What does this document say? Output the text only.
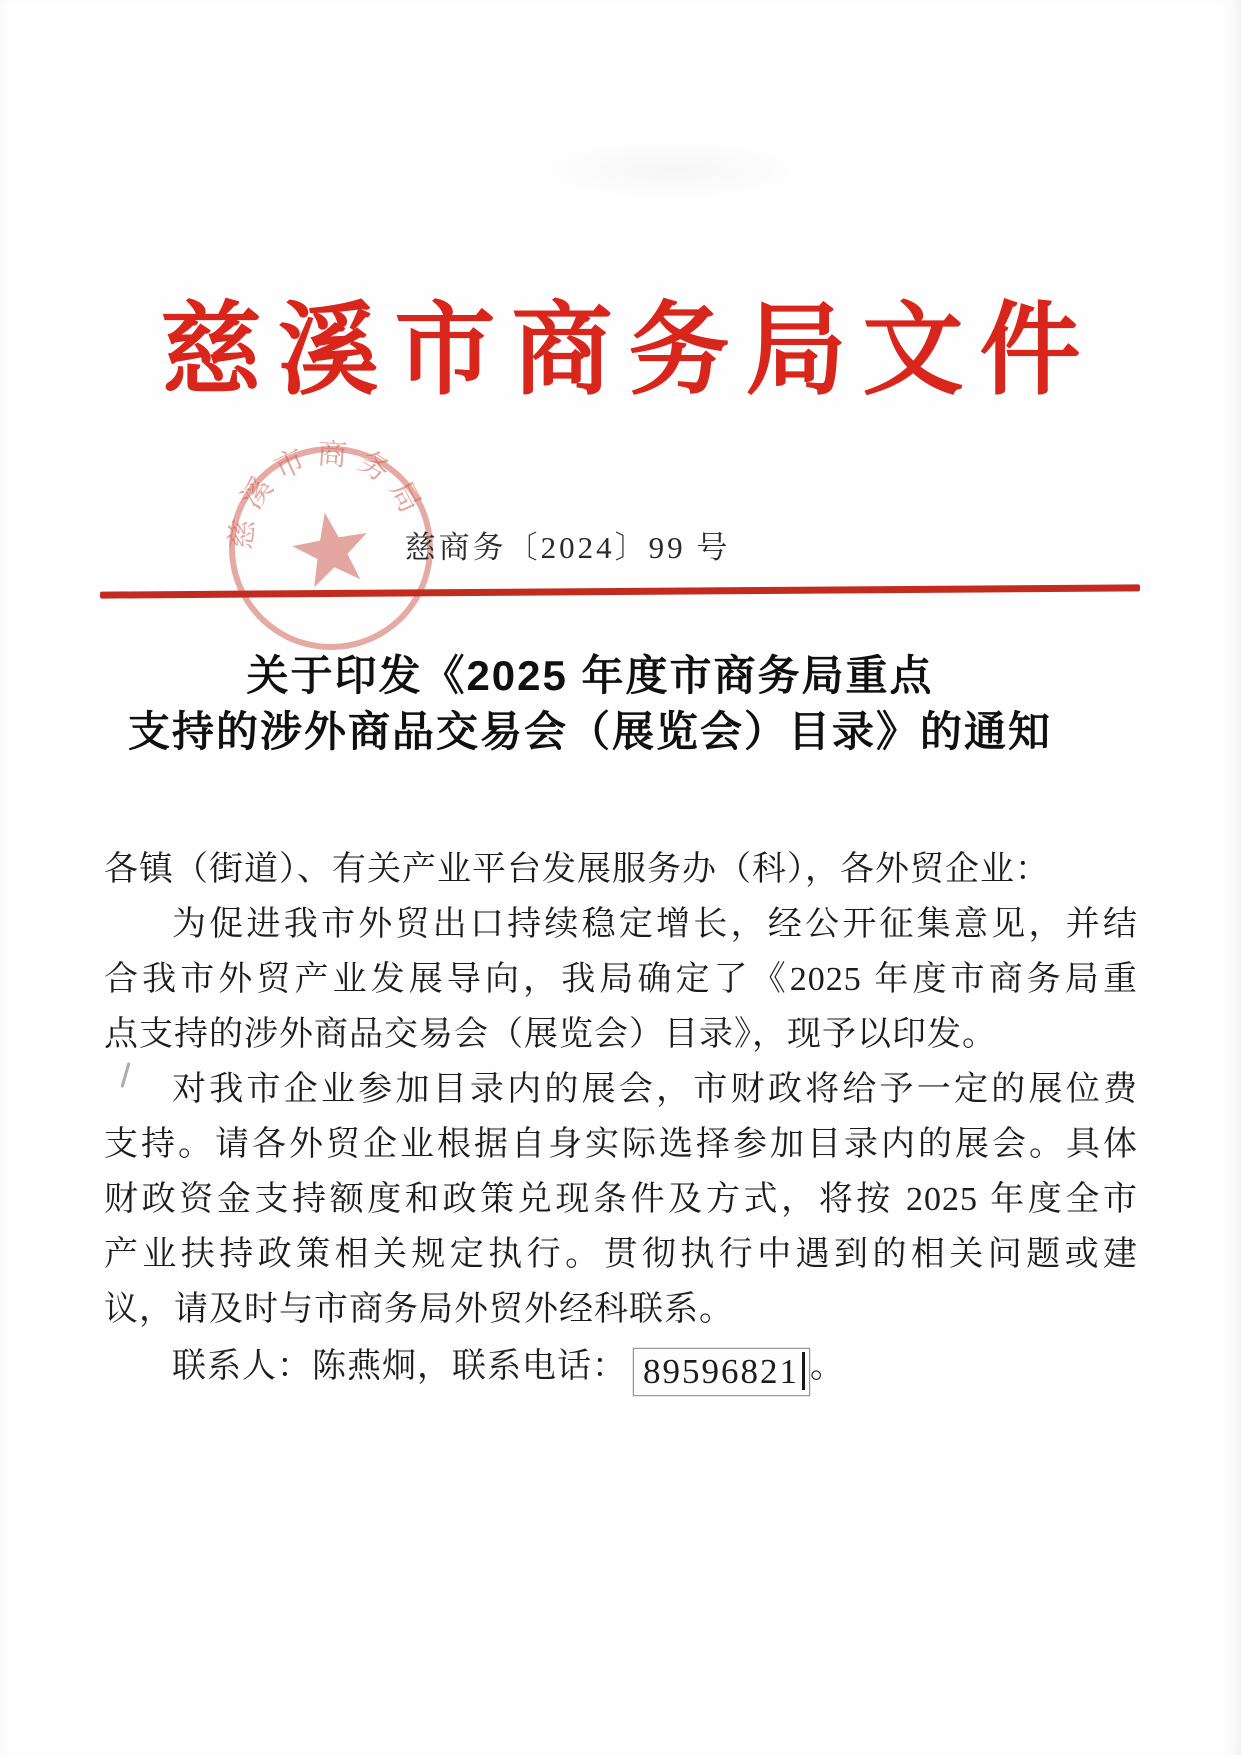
慈溪市商务局文件
慈溪市商务局
慈商务〔2024〕99 号
关于印发《2025 年度市商务局重点
支持的涉外商品交易会（展览会）目录》的通知
各镇（街道）、有关产业平台发展服务办（科），各外贸企业：
为促进我市外贸出口持续稳定增长，经公开征集意见，并结
合我市外贸产业发展导向，我局确定了《2025 年度市商务局重
点支持的涉外商品交易会（展览会）目录》，现予以印发。
对我市企业参加目录内的展会，市财政将给予一定的展位费
支持。请各外贸企业根据自身实际选择参加目录内的展会。具体
财政资金支持额度和政策兑现条件及方式，将按 2025 年度全市
产业扶持政策相关规定执行。贯彻执行中遇到的相关问题或建
议，请及时与市商务局外贸外经科联系。
联系人：陈燕炯，联系电话： 89596821 。
